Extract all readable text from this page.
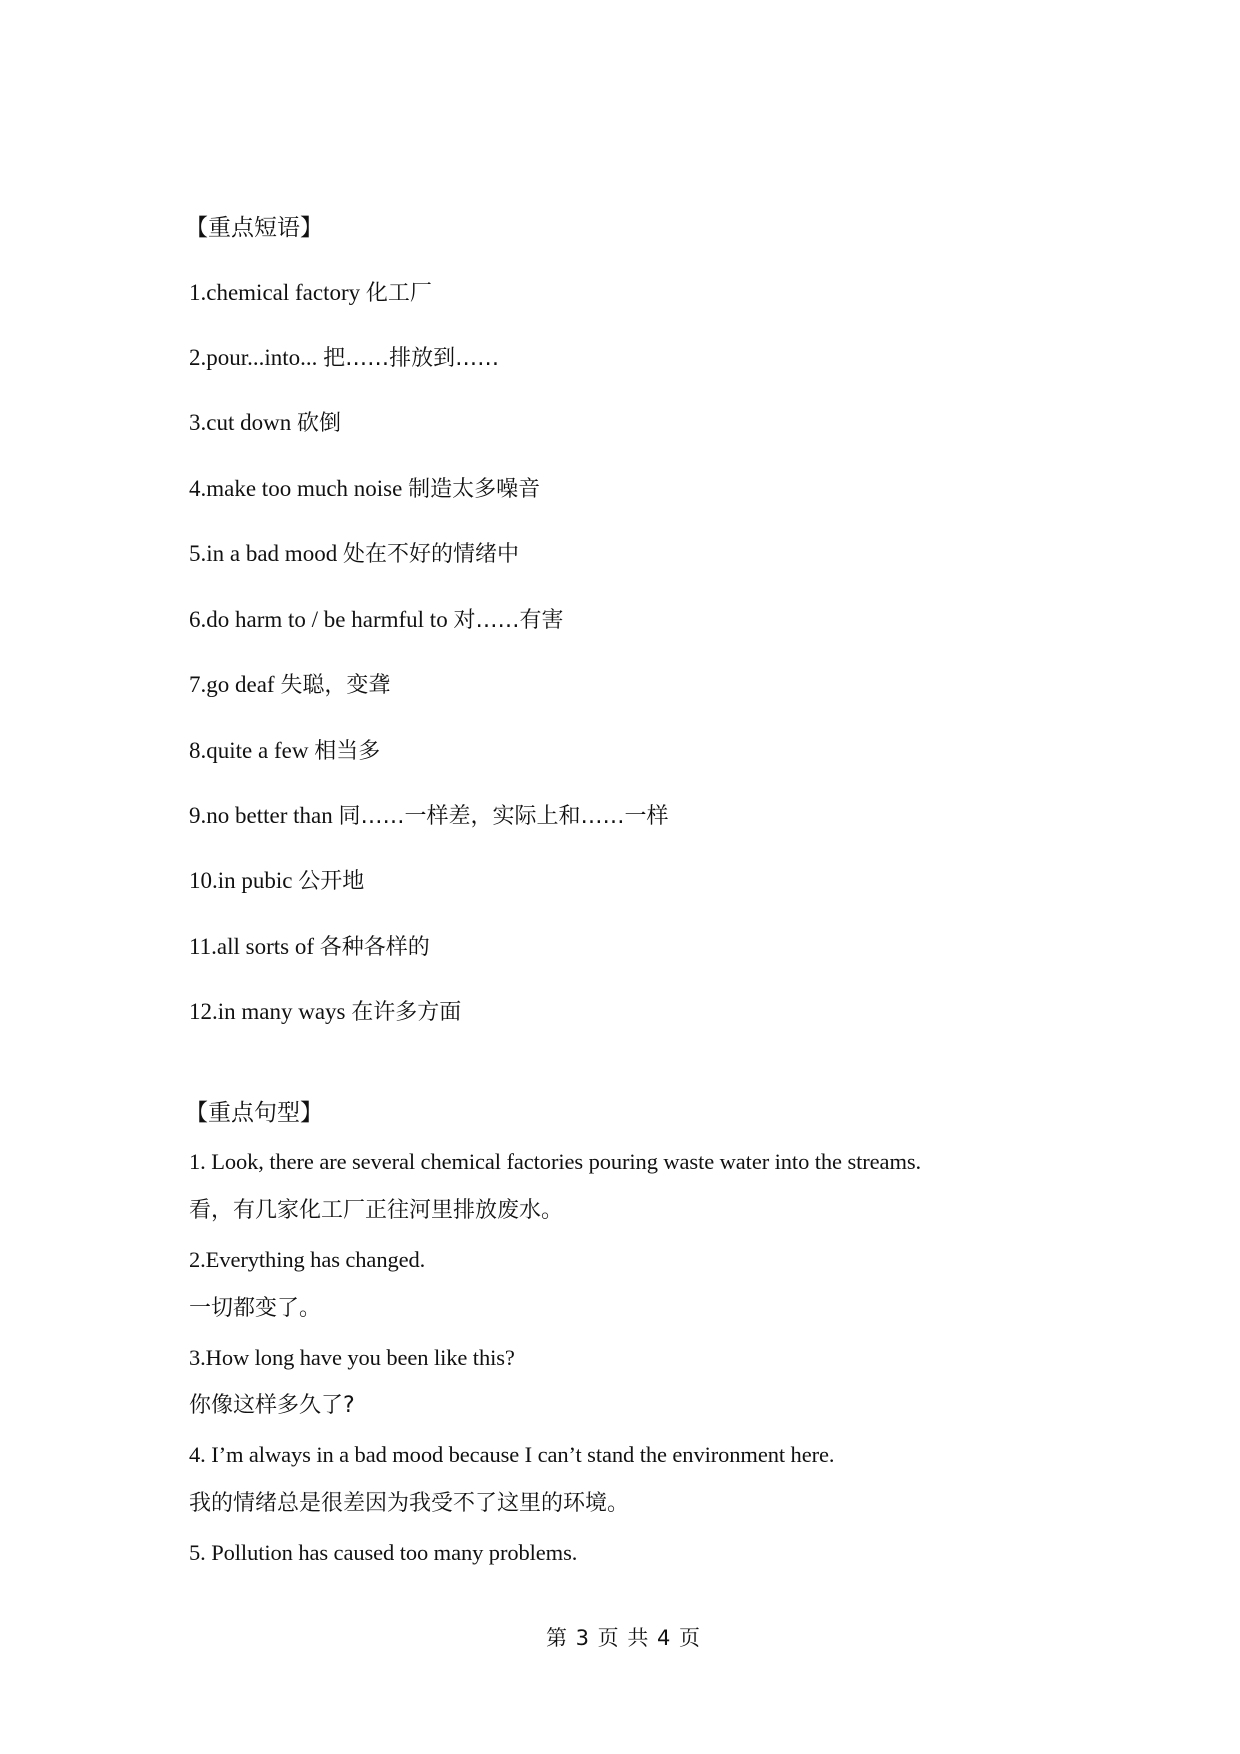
【重点短语】
1.chemical factory 化工厂
2.pour...into... 把……排放到……
3.cut down 砍倒
4.make too much noise 制造太多噪音
5.in a bad mood 处在不好的情绪中
6.do harm to / be harmful to 对……有害
7.go deaf 失聪，变聋
8.quite a few 相当多
9.no better than 同……一样差，实际上和……一样
10.in pubic 公开地
11.all sorts of 各种各样的
12.in many ways 在许多方面
【重点句型】
1. Look, there are several chemical factories pouring waste water into the streams.
看，有几家化工厂正往河里排放废水。
2.Everything has changed.
一切都变了。
3.How long have you been like this?
你像这样多久了?
4. I’m always in a bad mood because I can’t stand the environment here.
我的情绪总是很差因为我受不了这里的环境。
5. Pollution has caused too many problems.
第 3 页 共 4 页
